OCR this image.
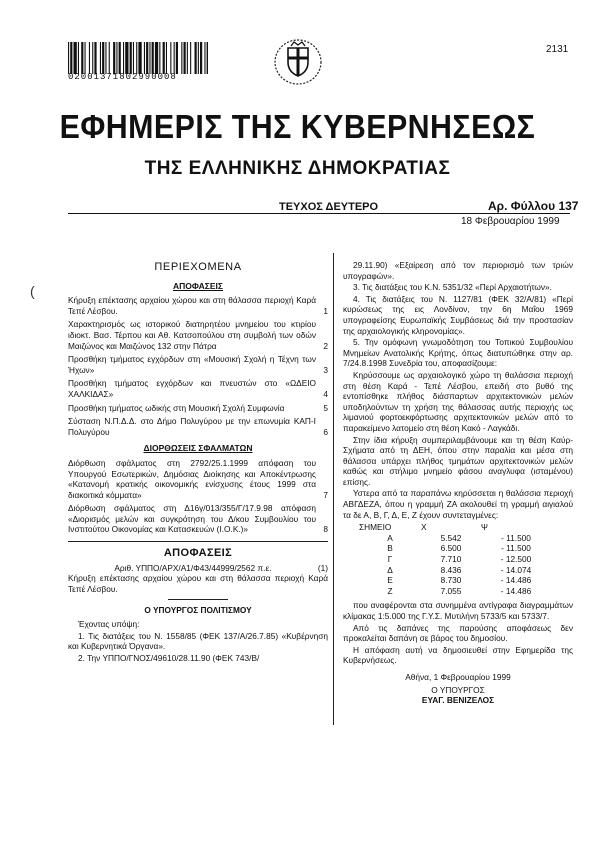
02001371802990008
2131
ΕΦΗΜΕΡΙΣ ΤΗΣ ΚΥΒΕΡΝΗΣΕΩΣ
ΤΗΣ ΕΛΛΗΝΙΚΗΣ ΔΗΜΟΚΡΑΤΙΑΣ
ΤΕΥΧΟΣ ΔΕΥΤΕΡΟ	Αρ. Φύλλου 137
18 Φεβρουαρίου 1999
(
ΠΕΡΙΕΧΟΜΕΝΑ
ΑΠΟΦΑΣΕΙΣ
Κήρυξη επέκτασης αρχαίου χώρου και στη θάλασσα περιοχή Καρά Τεπέ Λέσβου.	1
Χαρακτηρισμός ως ιστορικού διατηρητέου μνημείου του κτιρίου ιδιοκτ. Βασ. Τέρπου και Αθ. Κατσοπούλου στη συμβολή των οδών Μαιζώνος και Μαιζώνος 132 στην Πάτρα	2
Προσθήκη τμήματος εγχόρδων στη «Μουσική Σχολή η Τέχνη των Ήχων»	3
Προσθήκη τμήματος εγχόρδων και πνευστών στο «ΩΔΕΙΟ ΧΑΛΚΙΔΑΣ»	4
Προσθήκη τμήματος ωδικής στη Μουσική Σχολή Συμφωνία	5
Σύσταση Ν.Π.Δ.Δ. στο Δήμο Πολυγύρου με την επωνυμία ΚΑΠ-Ι Πολυγύρου	6
ΔΙΟΡΘΩΣΕΙΣ ΣΦΑΛΜΑΤΩΝ
Διόρθωση σφάλματος στη 2792/25.1.1999 απόφαση του Υπουργού Εσωτερικών, Δημόσιας Διοίκησης και Αποκέντρωσης «Κατανομή κρατικής οικονομικής ενίσχυσης έτους 1999 στα διακοιτικά κόμματα»	7
Διόρθωση σφάλματος στη Δ16γ/013/355/Γ/17.9.98 απόφαση «Διορισμός μελών και συγκρότηση του Δ/κου Συμβουλίου του Ινστιτούτου Οικονομίας και Κατασκευών (Ι.Ο.Κ.)»	8
ΑΠΟΦΑΣΕΙΣ
Αριθ. ΥΠΠΟ/ΑΡΧ/Α1/Φ43/44999/2562 π.ε.	(1)
Κήρυξη επέκτασης αρχαίου χώρου και στη θάλασσα περιοχή Καρά Τεπέ Λέσβου.
Ο ΥΠΟΥΡΓΟΣ ΠΟΛΙΤΙΣΜΟΥ
Έχοντας υπόψη:
1. Τις διατάξεις του Ν. 1558/85 (ΦΕΚ 137/Α/26.7.85) «Κυβέρνηση και Κυβερνητικά Όργανα».
2. Την ΥΠΠΟ/ΓΝΟΣ/49610/28.11.90 (ΦΕΚ 743/Β/
29.11.90) «Εξαίρεση από τον περιορισμό των τριών υπογραφών».
3. Τις διατάξεις του Κ.Ν. 5351/32 «Περί Αρχαιοτήτων».
4. Τις διατάξεις του Ν. 1127/81 (ΦΕΚ 32/Α/81) «Περί κυρώσεως της εις Λονδίνον, την 6η Μαΐου 1969 υπογραφείσης Ευρωπαϊκής Συμβάσεως διά την προστασίαν της αρχαιολογικής κληρονομίας».
5. Την ομόφωνη γνωμοδότηση του Τοπικού Συμβουλίου Μνημείων Ανατολικής Κρήτης, όπως διατυπώθηκε στην αρ. 7/24.8.1998 Συνεδρία του, αποφασίζουμε:
Κηρύσσουμε ως αρχαιολογικό χώρο τη θαλάσσια περιοχή στη θέση Καρά - Τεπέ Λέσβου, επειδή στο βυθό της εντοπίσθηκε πλήθος διάσπαρτων αρχιτεκτονικών μελών υποδηλούντων τη χρήση της θάλασσας αυτής περιοχής ως λιμανιού φορτοεκφόρτωσης αρχιτεκτονικών μελών από το παρακείμενο λατομείο στη θέση Κακό - Λαγκάδι.
Στην ίδια κήρυξη συμπεριλαμβάνουμε και τη θέση Καύρ-Σχήματα από τη ΔΕΗ, όπου στην παραλία και μέσα στη θάλασσα υπάρχει πλήθος τμημάτων αρχιτεκτονικών μελών καθώς και στήλιμο μνημείο φάσου αναγλυφα (ισταμένου) επίσης.
Υστερα από τα παραπάνω κηρύσσεται η θαλάσσια περιοχή ΑΒΓΔΕΖΑ, όπου η γραμμή ΖΑ ακολουθεί τη γραμμή αιγιαλού τα δε Α, Β, Γ, Δ, Ε, Ζ έχουν συντεταγμένες:
ΣΗΜΕΙΟ	X	Ψ
Α	5.542	- 11.500
Β	6.500	- 11.500
Γ	7.710	- 12.500
Δ	8.436	- 14.074
Ε	8.730	- 14.486
Ζ	7.055	- 14.486
που αναφέρονται στα συνημμένα αντίγραφα διαγραμμάτων κλίμακας 1:5.000 της Γ.Υ.Σ. Μυτιλήνη 5733/5 και 5733/7.
Από τις δαπάνες της παρούσης αποφάσεως δεν προκαλείται δαπάνη σε βάρος του δημοσίου.
Η απόφαση αυτή να δημοσιευθεί στην Εφημερίδα της Κυβερνήσεως.
Αθήνα, 1 Φεβρουαρίου 1999
Ο ΥΠΟΥΡΓΟΣ
ΕΥΑΓ. ΒΕΝΙΖΕΛΟΣ
